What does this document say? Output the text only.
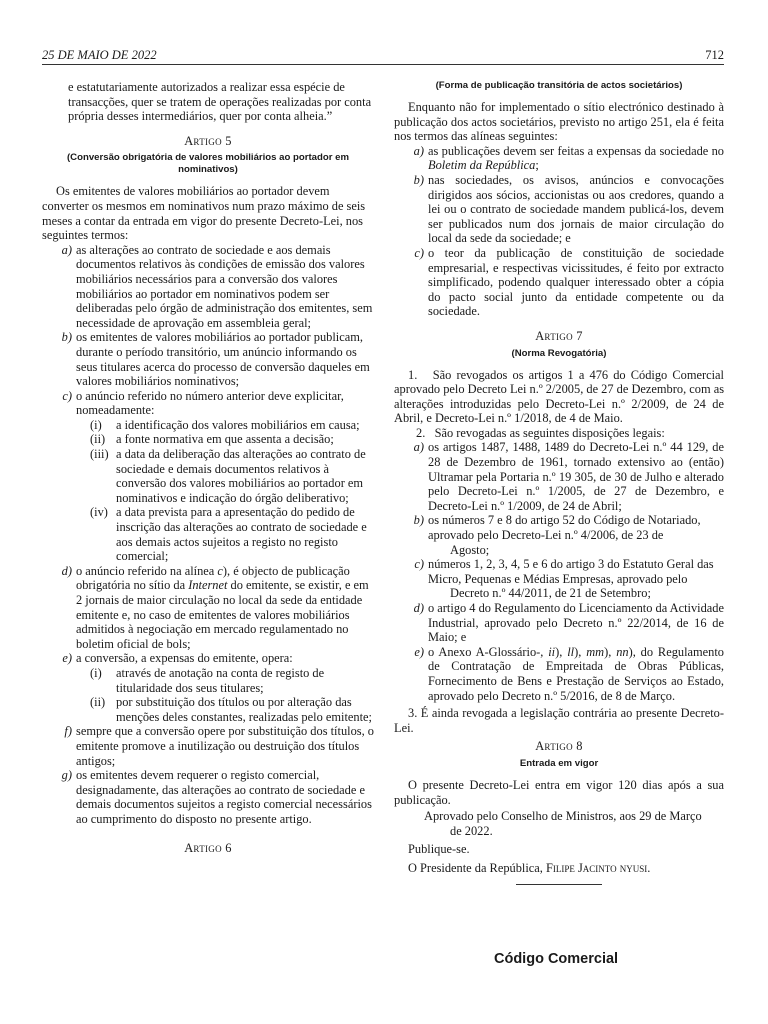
25 DE MAIO DE 2022	712

e estatutariamente autorizados a realizar essa espécie de transacções, quer se tratem de operações realizadas por conta própria desses intermediários, quer por conta alheia.”

Artigo 5

(Conversão obrigatória de valores mobiliários ao portador em nominativos)

Os emitentes de valores mobiliários ao portador devem converter os mesmos em nominativos num prazo máximo de seis meses a contar da entrada em vigor do presente Decreto-Lei, nos seguintes termos:

a) as alterações ao contrato de sociedade e aos demais documentos relativos às condições de emissão dos valores mobiliários necessários para a conversão dos valores mobiliários ao portador em nominativos podem ser deliberadas pelo órgão de administração dos emitentes, sem necessidade de aprovação em assembleia geral;
b) os emitentes de valores mobiliários ao portador publicam, durante o período transitório, um anúncio informando os seus titulares acerca do processo de conversão daqueles em valores mobiliários nominativos;
c) o anúncio referido no número anterior deve explicitar, nomeadamente:
(i)	a identificação dos valores mobiliários em causa;
(ii) a fonte normativa em que assenta a decisão;
(iii) a data da deliberação das alterações ao contrato de sociedade e demais documentos relativos à conversão dos valores mobiliários ao portador em nominativos e indicação do órgão deliberativo;
(iv) a data prevista para a apresentação do pedido de inscrição das alterações ao contrato de sociedade e aos demais actos sujeitos a registo no registo comercial;
d) o anúncio referido na alínea c), é objecto de publicação obrigatória no sítio da Internet do emitente, se existir, e em 2 jornais de maior circulação no local da sede da entidade emitente e, no caso de emitentes de valores mobiliários admitidos à negociação em mercado regulamentado no boletim oficial de bols;
e) a conversão, a expensas do emitente, opera:
(i)	através de anotação na conta de registo de titularidade dos seus titulares;
(ii) por substituição dos títulos ou por alteração das menções deles constantes, realizadas pelo emitente;
f) sempre que a conversão opere por substituição dos títulos, o emitente promove a inutilização ou destruição dos títulos antigos;
g) os emitentes devem requerer o registo comercial, designadamente, das alterações ao contrato de sociedade e demais documentos sujeitos a registo comercial necessários ao cumprimento do disposto no presente artigo.

Artigo 6

(Forma de publicação transitória de actos societários)

Enquanto não for implementado o sítio electrónico destinado à publicação dos actos societários, previsto no artigo 251, ela é feita nos termos das alíneas seguintes:

a) as publicações devem ser feitas a expensas da sociedade no Boletim da República;
b) nas sociedades, os avisos, anúncios e convocações dirigidos aos sócios, accionistas ou aos credores, quando a lei ou o contrato de sociedade mandem publicá-los, devem ser publicados num dos jornais de maior circulação do local da sede da sociedade; e
c) o teor da publicação de constituição de sociedade empresarial, e respectivas vicissitudes, é feito por extracto simplificado, podendo qualquer interessado obter a cópia do pacto social junto da entidade competente ou da sociedade.

Artigo 7

(Norma Revogatória)

1. São revogados os artigos 1 a 476 do Código Comercial aprovado pelo Decreto Lei n.º 2/2005, de 27 de Dezembro, com as alterações introduzidas pelo Decreto-Lei n.º 2/2009, de 24 de Abril, e Decreto-Lei n.º 1/2018, de 4 de Maio.

2. São revogadas as seguintes disposições legais:

a) os artigos 1487, 1488, 1489 do Decreto-Lei n.º 44 129, de 28 de Dezembro de 1961, tornado extensivo ao (então) Ultramar pela Portaria n.º 19 305, de 30 de Julho e alterado pelo Decreto-Lei n.º 1/2005, de 27 de Dezembro, e Decreto-Lei n.º 1/2009, de 24 de Abril;
b) os números 7 e 8 do artigo 52 do Código de Notariado, aprovado pelo Decreto-Lei n.º 4/2006, de 23 de

Agosto;

c) números 1, 2, 3, 4, 5 e 6 do artigo 3 do Estatuto Geral das Micro, Pequenas e Médias Empresas, aprovado pelo

Decreto n.º 44/2011, de 21 de Setembro;

d) o artigo 4 do Regulamento do Licenciamento da Actividade Industrial, aprovado pelo Decreto n.º 22/2014, de 16 de Maio; e
e) o Anexo A-Glossário-, ii), ll), mm), nn), do Regulamento de Contratação de Empreitada de Obras Públicas, Fornecimento de Bens e Prestação de Serviços ao Estado, aprovado pelo Decreto n.º 5/2016, de 8 de Março.

3. É ainda revogada a legislação contrária ao presente Decreto-Lei.

Artigo 8

Entrada em vigor

O presente Decreto-Lei entra em vigor 120 dias após a sua publicação.

Aprovado pelo Conselho de Ministros, aos 29 de Março

de 2022.

Publique-se.

O Presidente da República, Filipe Jacinto nyusi.

Código Comercial
